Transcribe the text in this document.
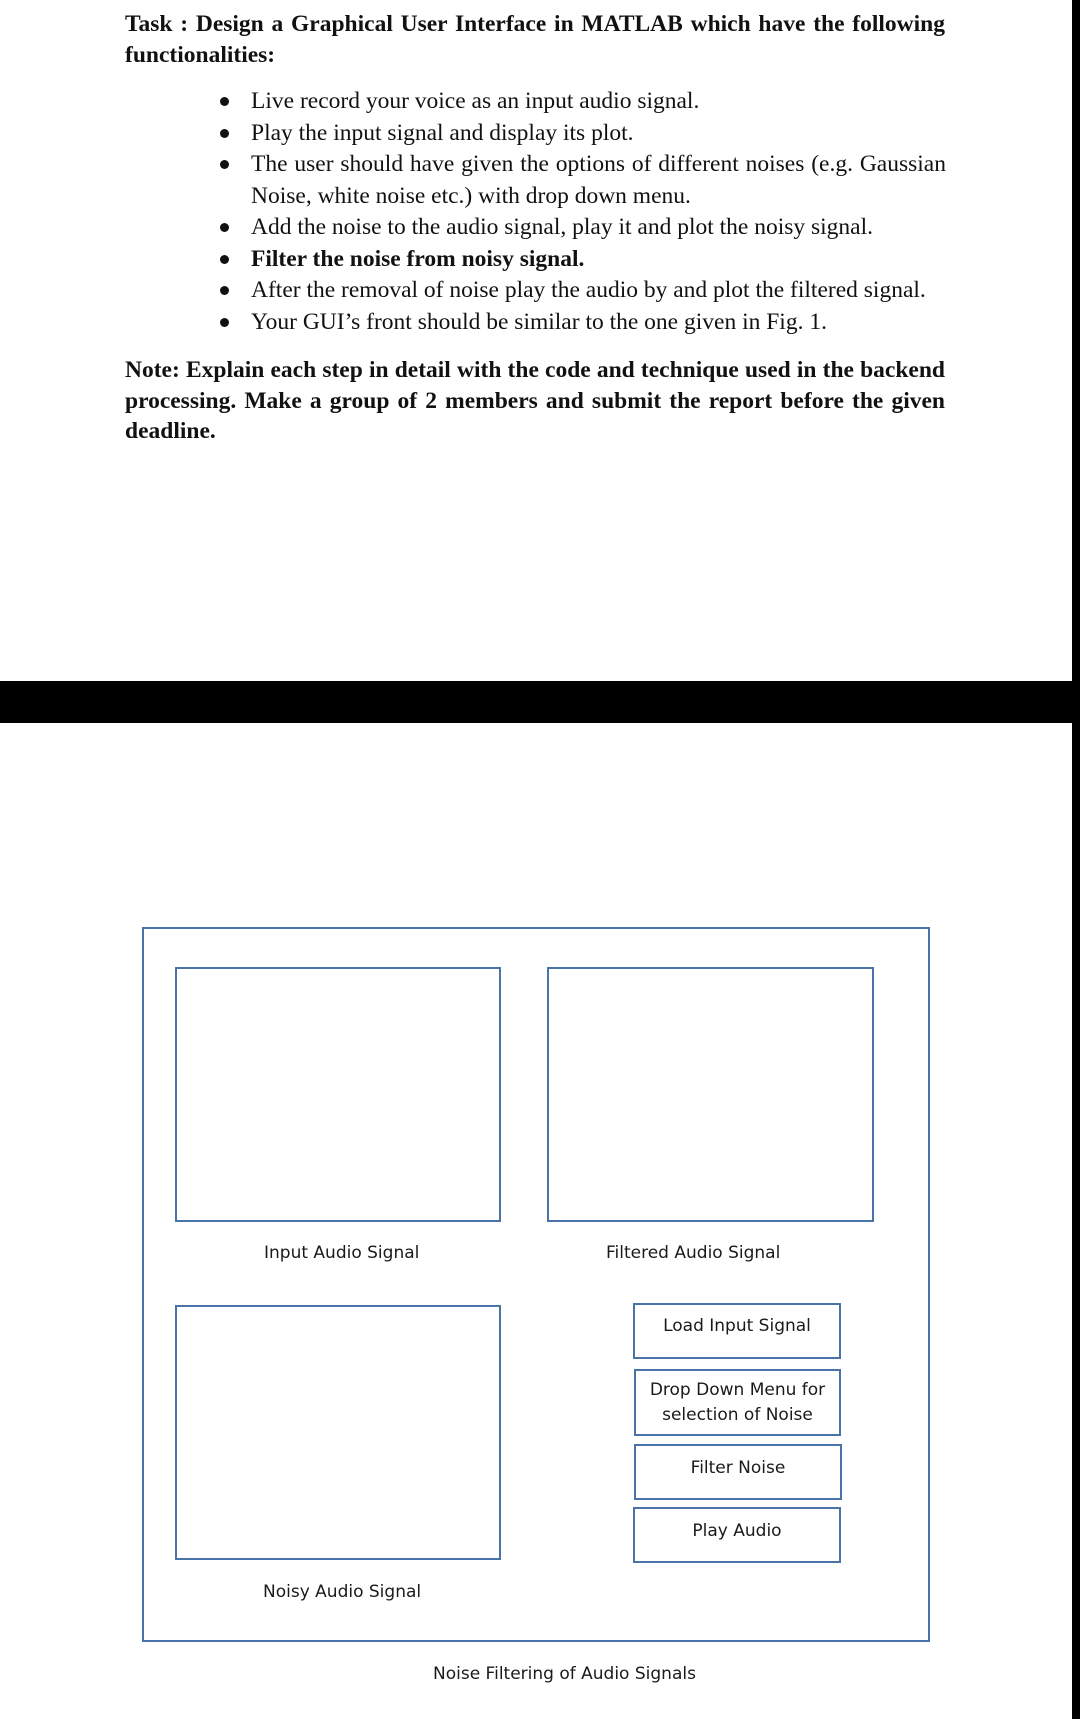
Task : Design a Graphical User Interface in MATLAB which have the following functionalities:
Live record your voice as an input audio signal.
Play the input signal and display its plot.
The user should have given the options of different noises (e.g. Gaussian Noise, white noise etc.) with drop down menu.
Add the noise to the audio signal, play it and plot the noisy signal.
Filter the noise from noisy signal.
After the removal of noise play the audio by and plot the filtered signal.
Your GUI’s front should be similar to the one given in Fig. 1.
Note: Explain each step in detail with the code and technique used in the backend processing. Make a group of 2 members and submit the report before the given deadline.
Input Audio Signal	Filtered Audio Signal
Noisy Audio Signal
Load Input Signal
Drop Down Menu for
selection of Noise
Filter Noise
Play Audio
Noise Filtering of Audio Signals
